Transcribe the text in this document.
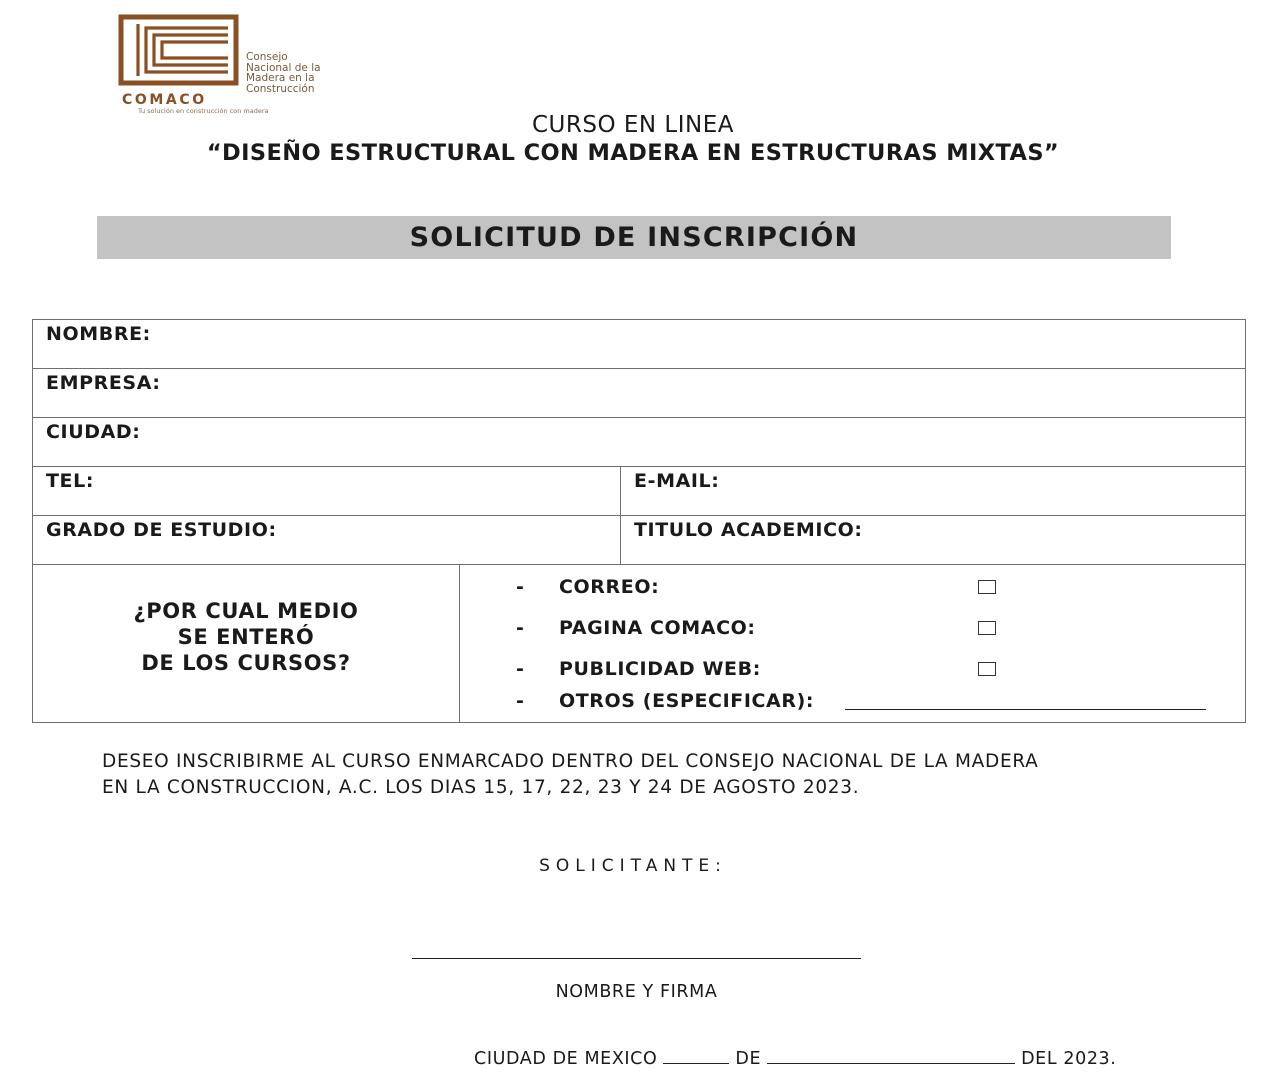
Consejo
Nacional de la
Madera en la
Construcción
COMACO
Tu solución en construcción con madera
CURSO EN LINEA
“DISEÑO ESTRUCTURAL CON MADERA EN ESTRUCTURAS MIXTAS”
SOLICITUD DE INSCRIPCIÓN
NOMBRE:
EMPRESA:
CIUDAD:
TEL:	E-MAIL:
GRADO DE ESTUDIO:	TITULO ACADEMICO:
¿POR CUAL MEDIO
SE ENTERÓ
DE LOS CURSOS?
- CORREO:
- PAGINA COMACO:
- PUBLICIDAD WEB:
- OTROS (ESPECIFICAR):
DESEO INSCRIBIRME AL CURSO ENMARCADO DENTRO DEL CONSEJO NACIONAL DE LA MADERA
EN LA CONSTRUCCION, A.C. LOS DIAS 15, 17, 22, 23 Y 24 DE AGOSTO 2023.
SOLICITANTE:
NOMBRE Y FIRMA
CIUDAD DE MEXICO	DE	DEL 2023.
